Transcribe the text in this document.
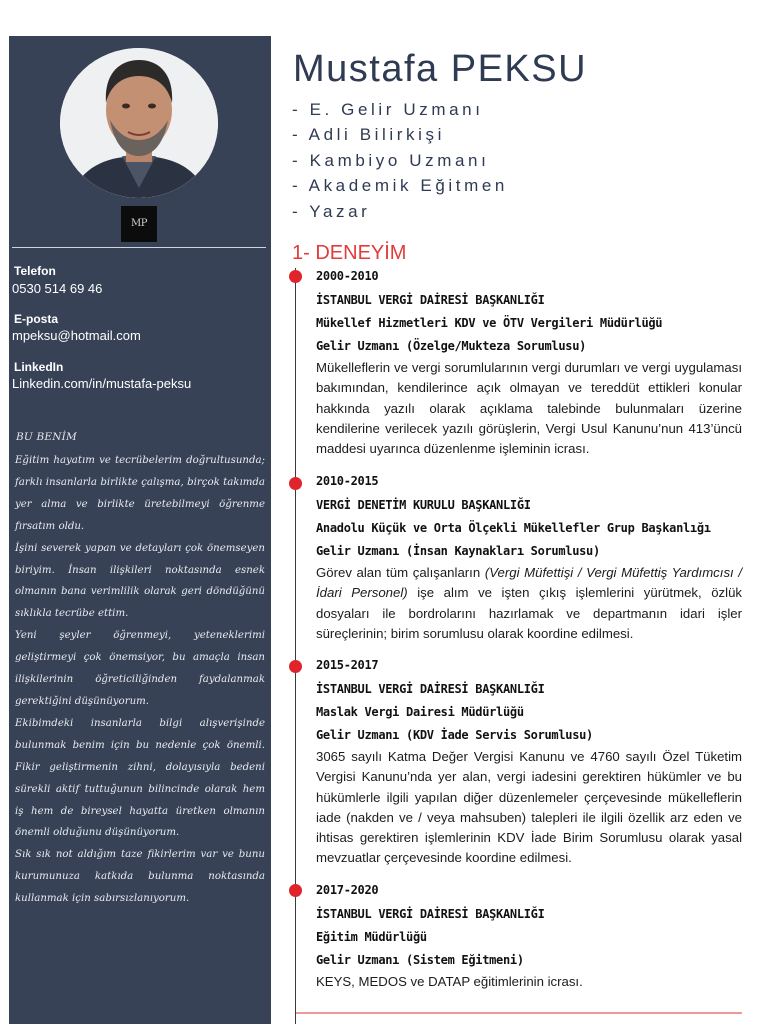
MP
Telefon
0530 514 69 46
E-posta
mpeksu@hotmail.com
LinkedIn
Linkedin.com/in/mustafa-peksu
BU BENİM

Eğitim hayatım ve tecrübelerim doğrultusunda; farklı insanlarla birlikte çalışma, birçok takımda yer alma ve birlikte üretebilmeyi öğrenme fırsatım oldu.

İşini severek yapan ve detayları çok önemseyen biriyim. İnsan ilişkileri noktasında esnek olmanın bana verimlilik olarak geri döndüğünü sıklıkla tecrübe ettim.

Yeni şeyler öğrenmeyi, yeteneklerimi geliştirmeyi çok önemsiyor, bu amaçla insan ilişkilerinin öğreticiliğinden faydalanmak gerektiğini düşünüyorum.

Ekibimdeki insanlarla bilgi alışverişinde bulunmak benim için bu nedenle çok önemli. Fikir geliştirmenin zihni, dolayısıyla bedeni sürekli aktif tuttuğunun bilincinde olarak hem iş hem de bireysel hayatta üretken olmanın önemli olduğunu düşünüyorum.

Sık sık not aldığım taze fikirlerim var ve bunu kurumunuza katkıda bulunma noktasında kullanmak için sabırsızlanıyorum.

Mustafa PEKSU
- E. Gelir Uzmanı
- Adli Bilirkişi
- Kambiyo Uzmanı
- Akademik Eğitmen
- Yazar
1- DENEYİM
2000-2010
İSTANBUL VERGİ DAİRESİ BAŞKANLIĞI
Mükellef Hizmetleri KDV ve ÖTV Vergileri Müdürlüğü
Gelir Uzmanı (Özelge/Mukteza Sorumlusu)

Mükelleflerin ve vergi sorumlularının vergi durumları ve vergi uygulaması bakımından, kendilerince açık olmayan ve tereddüt ettikleri konular hakkında yazılı olarak açıklama talebinde bulunmaları üzerine kendilerine verilecek yazılı görüşlerin, Vergi Usul Kanunu’nun 413’üncü maddesi uyarınca düzenlenme işleminin icrası.

2010-2015
VERGİ DENETİM KURULU BAŞKANLIĞI
Anadolu Küçük ve Orta Ölçekli Mükellefler Grup Başkanlığı
Gelir Uzmanı (İnsan Kaynakları Sorumlusu)

Görev alan tüm çalışanların (Vergi Müfettişi / Vergi Müfettiş Yardımcısı / İdari Personel) işe alım ve işten çıkış işlemlerini yürütmek, özlük dosyaları ile bordrolarını hazırlamak ve departmanın idari işler süreçlerinin; birim sorumlusu olarak koordine edilmesi.

2015-2017
İSTANBUL VERGİ DAİRESİ BAŞKANLIĞI
Maslak Vergi Dairesi Müdürlüğü
Gelir Uzmanı (KDV İade Servis Sorumlusu)

3065 sayılı Katma Değer Vergisi Kanunu ve 4760 sayılı Özel Tüketim Vergisi Kanunu’nda yer alan, vergi iadesini gerektiren hükümler ve bu hükümlerle ilgili yapılan diğer düzenlemeler çerçevesinde mükelleflerin iade (nakden ve / veya mahsuben) talepleri ile ilgili özellik arz eden ve ihtisas gerektiren işlemlerinin KDV İade Birim Sorumlusu olarak yasal mevzuatlar çerçevesinde koordine edilmesi.

2017-2020
İSTANBUL VERGİ DAİRESİ BAŞKANLIĞI
Eğitim Müdürlüğü
Gelir Uzmanı (Sistem Eğitmeni)

KEYS, MEDOS ve DATAP eğitimlerinin icrası.
